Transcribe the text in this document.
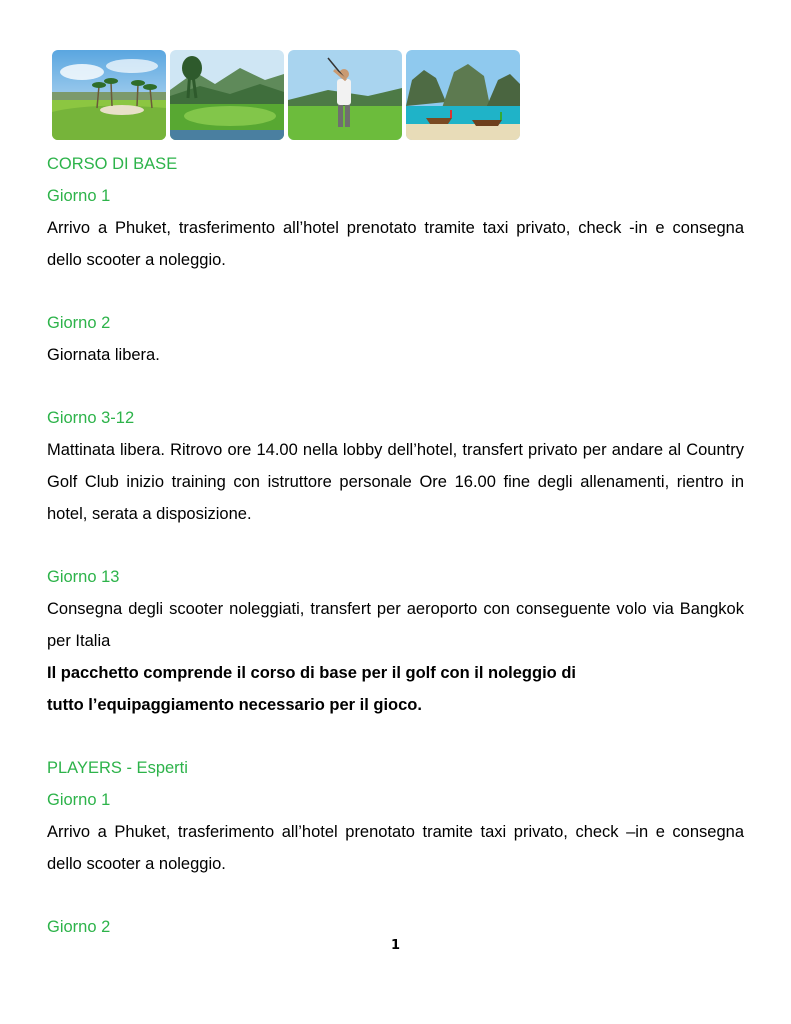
CORSO DI BASE
Giorno 1
Arrivo a Phuket, trasferimento all’hotel prenotato tramite taxi privato, check -in e consegna dello scooter a noleggio.
Giorno 2
Giornata libera.
Giorno 3-12
Mattinata libera. Ritrovo ore 14.00 nella lobby dell’hotel, transfert privato per andare al Country Golf Club inizio training con istruttore personale Ore 16.00 fine degli allenamenti, rientro in hotel, serata a disposizione.
Giorno 13
Consegna degli scooter noleggiati, transfert per aeroporto con conseguente volo via Bangkok per Italia
Il pacchetto comprende il corso di base per il golf con il noleggio di
tutto l’equipaggiamento necessario per il gioco.
PLAYERS - Esperti
Giorno 1
Arrivo a Phuket, trasferimento all’hotel prenotato tramite taxi privato, check –in e consegna dello scooter a noleggio.
Giorno 2
1
